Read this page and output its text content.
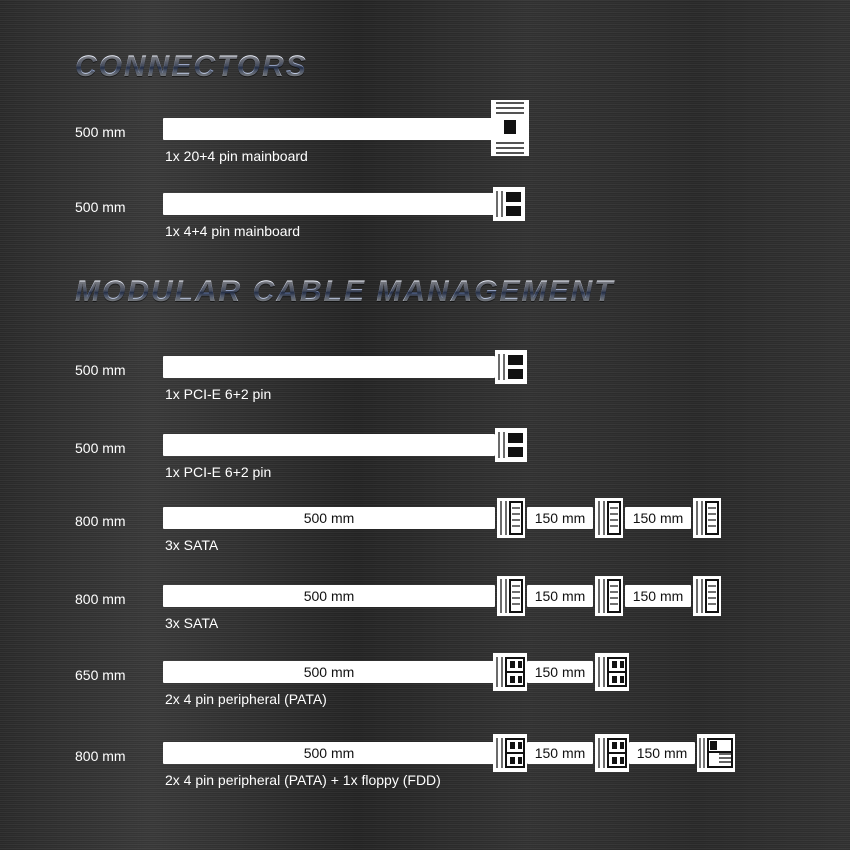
CONNECTORS
500 mm
1x 20+4 pin mainboard
500 mm
1x 4+4 pin mainboard
MODULAR CABLE MANAGEMENT
500 mm
1x PCI-E 6+2 pin
500 mm
1x PCI-E 6+2 pin
800 mm	500 mm	150 mm	150 mm
3x SATA
800 mm	500 mm	150 mm	150 mm
3x SATA
650 mm	500 mm	150 mm
2x 4 pin peripheral (PATA)
800 mm	500 mm	150 mm	150 mm
2x 4 pin peripheral (PATA) + 1x floppy (FDD)
